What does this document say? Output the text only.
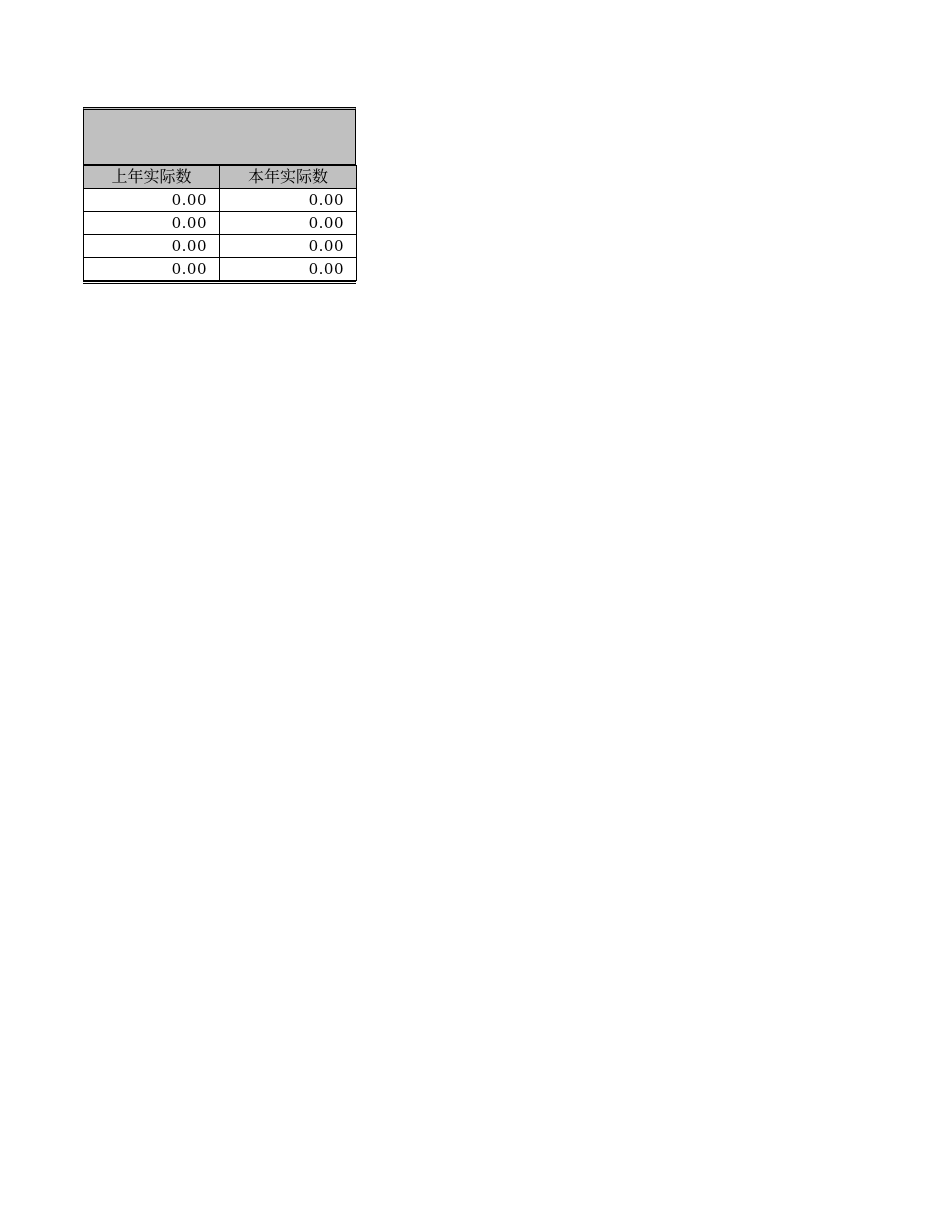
上年实际数	本年实际数
0.00	0.00
0.00	0.00
0.00	0.00
0.00	0.00
